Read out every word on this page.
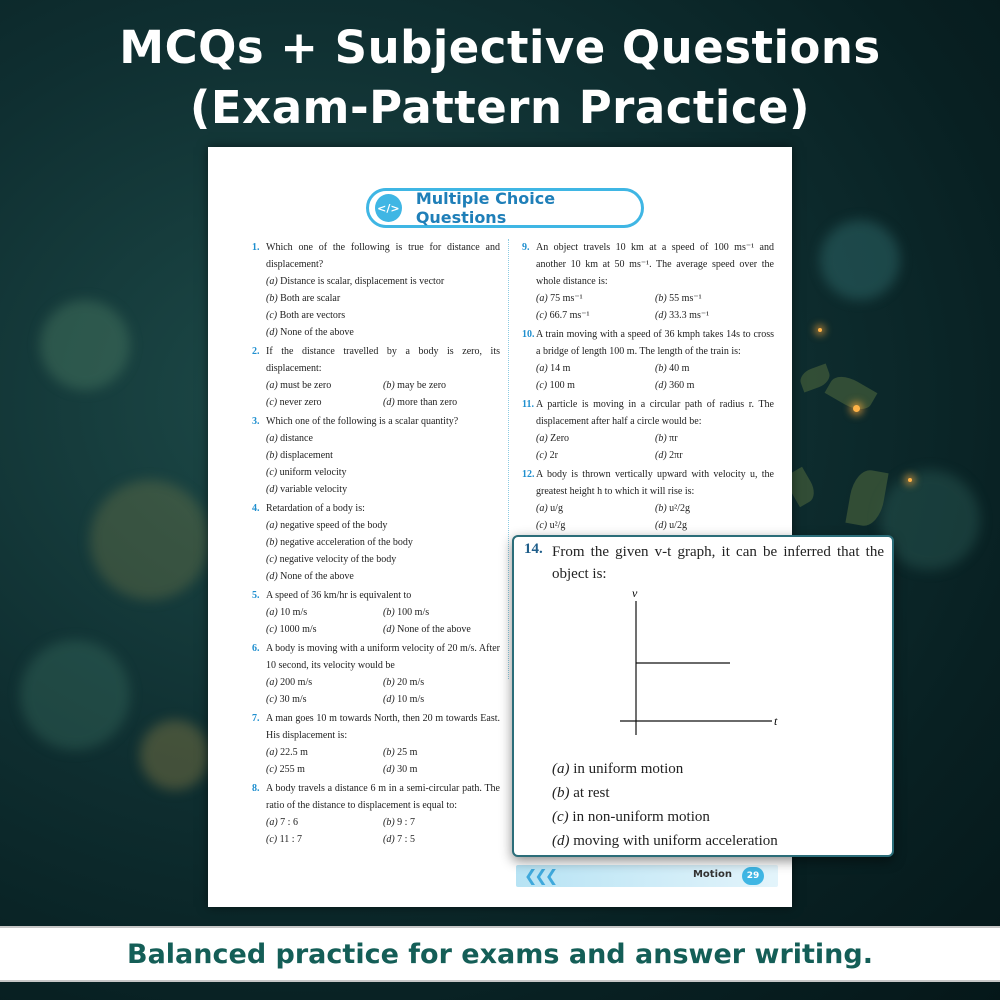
MCQs + Subjective Questions
(Exam-Pattern Practice)
</> Multiple Choice Questions
1. Which one of the following is true for distance and displacement?
(a) Distance is scalar, displacement is vector
(b) Both are scalar
(c) Both are vectors
(d) None of the above
2. If the distance travelled by a body is zero, its displacement:
(a) must be zero	(b) may be zero
(c) never zero	(d) more than zero
3. Which one of the following is a scalar quantity?
(a) distance
(b) displacement
(c) uniform velocity
(d) variable velocity
4. Retardation of a body is:
(a) negative speed of the body
(b) negative acceleration of the body
(c) negative velocity of the body
(d) None of the above
5. A speed of 36 km/hr is equivalent to
(a) 10 m/s	(b) 100 m/s
(c) 1000 m/s	(d) None of the above
6. A body is moving with a uniform velocity of 20 m/s. After 10 second, its velocity would be
(a) 200 m/s	(b) 20 m/s
(c) 30 m/s	(d) 10 m/s
7. A man goes 10 m towards North, then 20 m towards East. His displacement is:
(a) 22.5 m	(b) 25 m
(c) 255 m	(d) 30 m
8. A body travels a distance 6 m in a semi-circular path. The ratio of the distance to displacement is equal to:
(a) 7 : 6	(b) 9 : 7
(c) 11 : 7	(d) 7 : 5
9. An object travels 10 km at a speed of 100 ms⁻¹ and another 10 km at 50 ms⁻¹. The average speed over the whole distance is:
(a) 75 ms⁻¹	(b) 55 ms⁻¹
(c) 66.7 ms⁻¹	(d) 33.3 ms⁻¹
10. A train moving with a speed of 36 kmph takes 14s to cross a bridge of length 100 m. The length of the train is:
(a) 14 m	(b) 40 m
(c) 100 m	(d) 360 m
11. A particle is moving in a circular path of radius r. The displacement after half a circle would be:
(a) Zero	(b) πr
(c) 2r	(d) 2πr
12. A body is thrown vertically upward with velocity u, the greatest height h to which it will rise is:
(a) u/g	(b) u²/2g
(c) u²/g	(d) u/2g
❮❮❮	Motion	29
14. From the given v-t graph, it can be inferred that the object is:
v
t
(a) in uniform motion
(b) at rest
(c) in non-uniform motion
(d) moving with uniform acceleration
Balanced practice for exams and answer writing.
